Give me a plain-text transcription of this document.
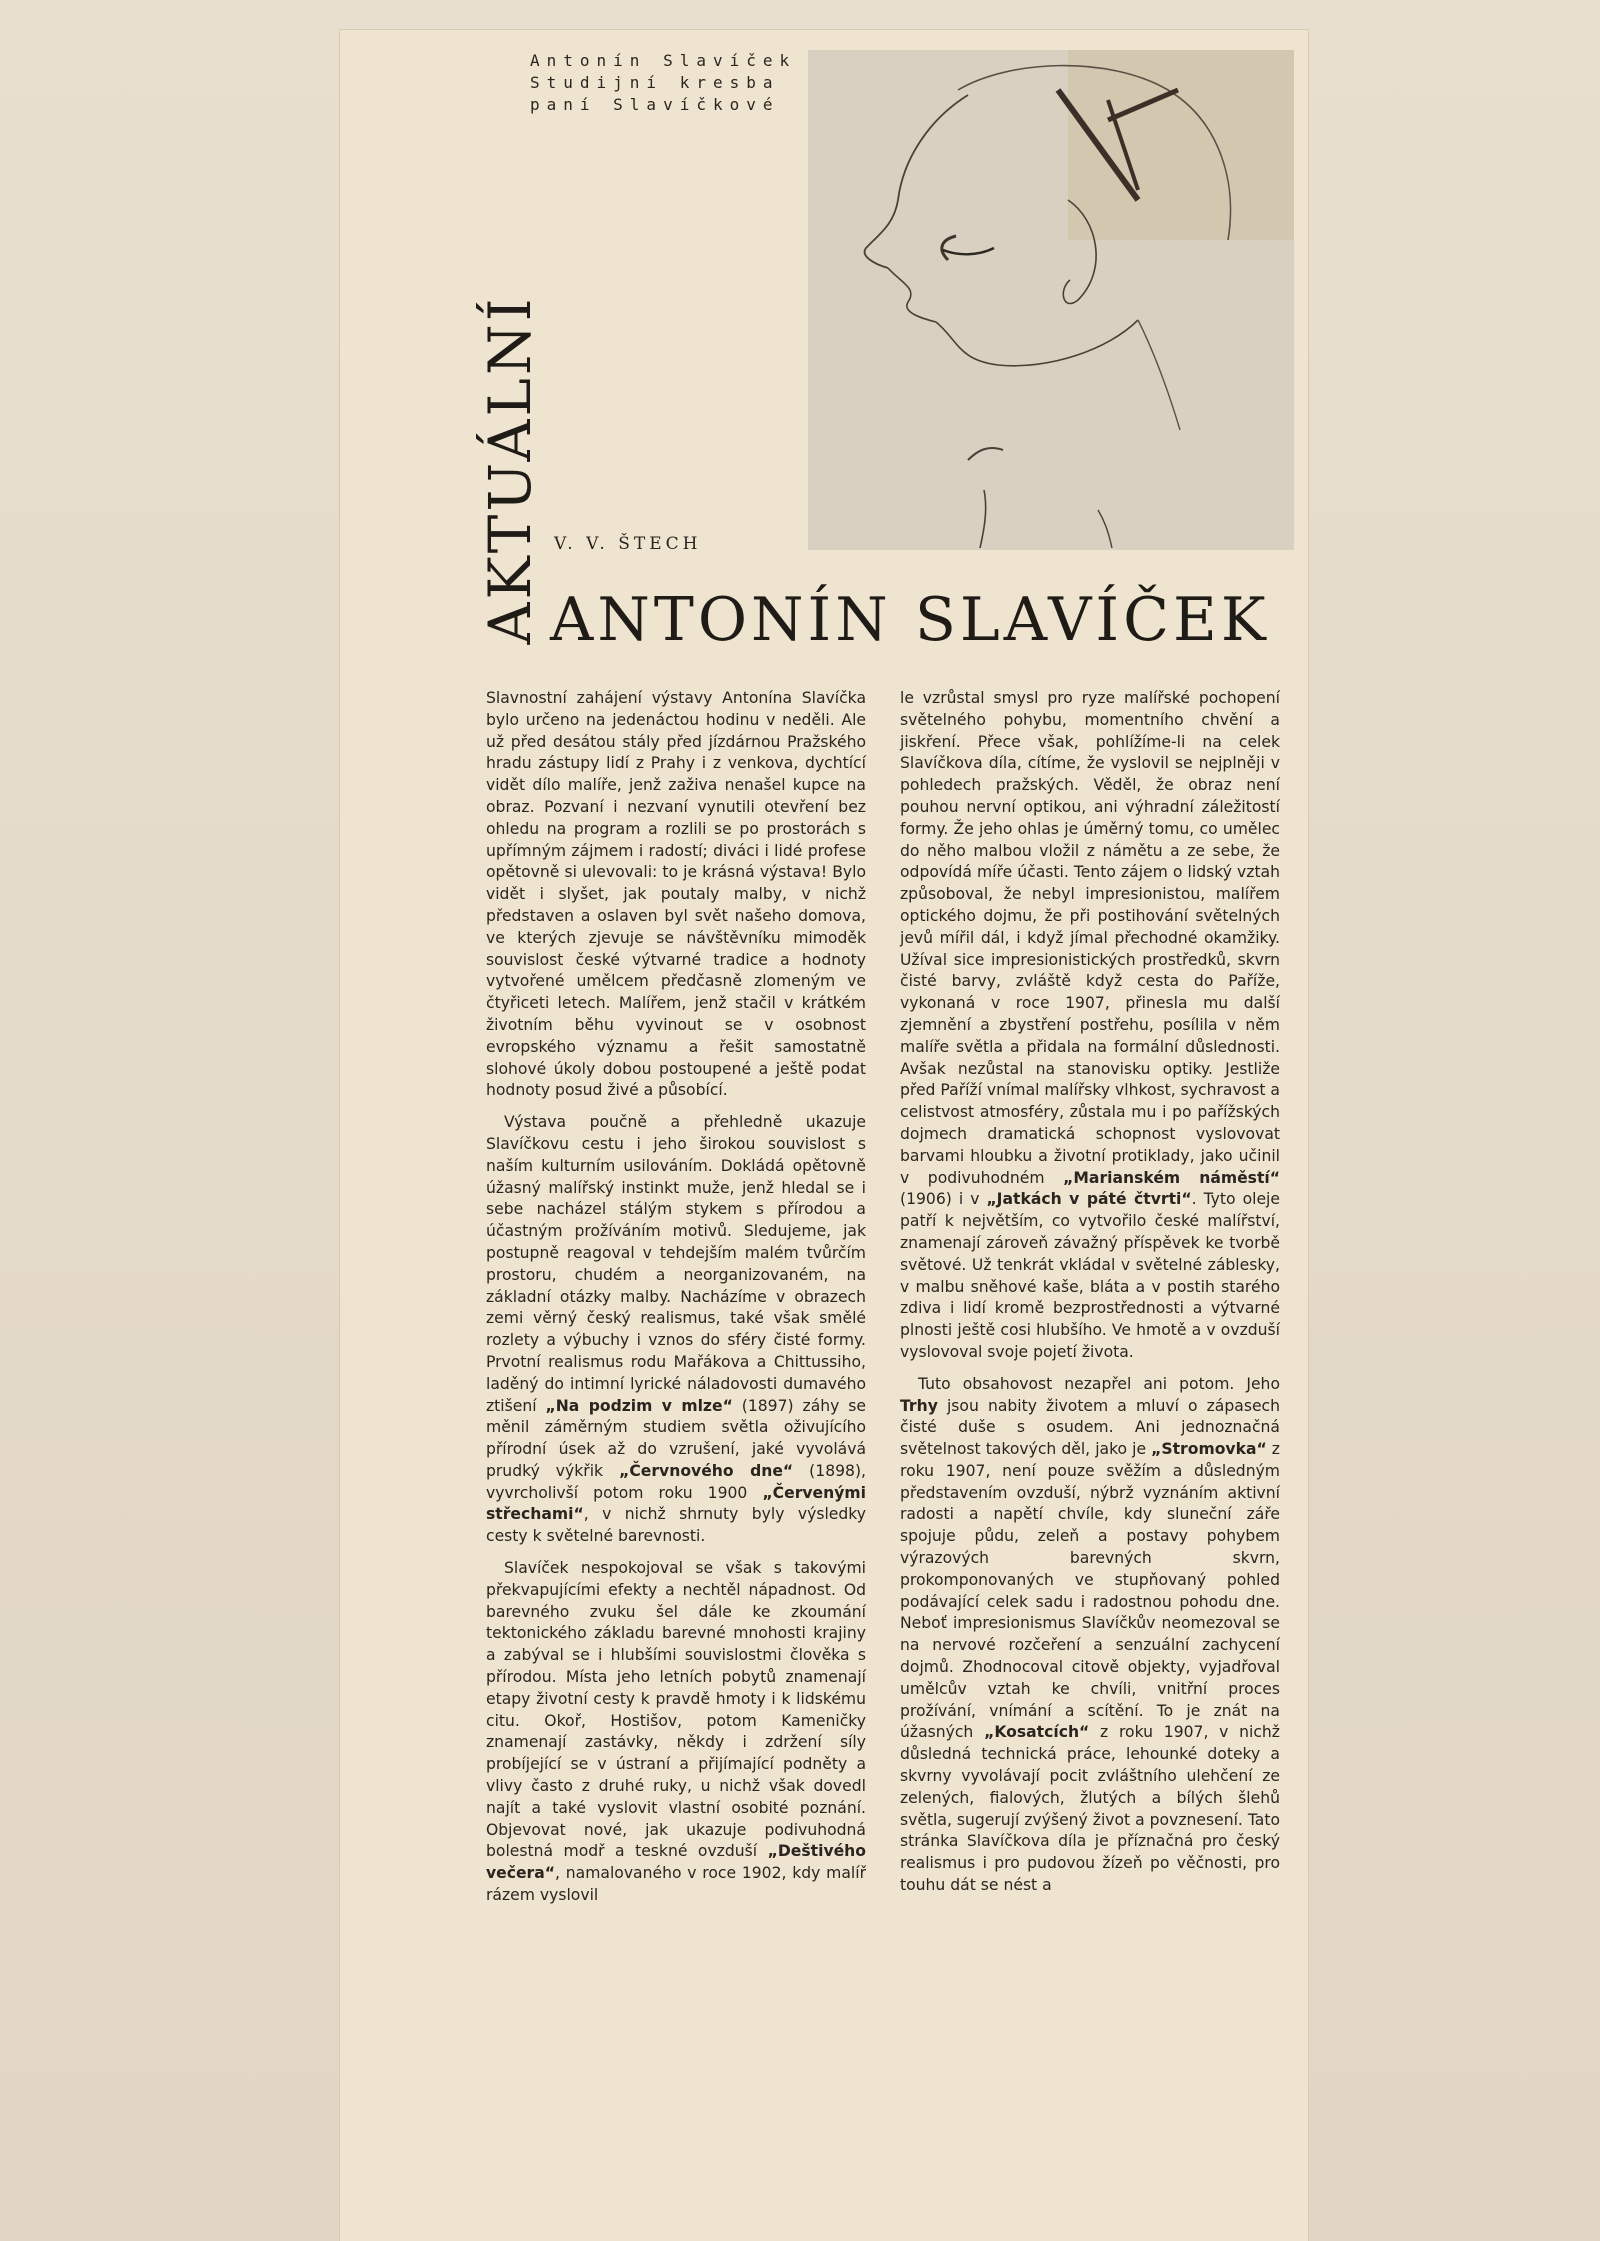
Antonín Slavíček
Studijní kresba
paní Slavíčkové
AKTUÁLNÍ V. V. ŠTECH
ANTONÍN SLAVÍČEK

Slavnostní zahájení výstavy Antonína Slavíčka bylo určeno na jedenáctou hodinu v neděli. Ale už před desátou stály před jízdárnou Pražského hradu zástupy lidí z Prahy i z venkova, dychtící vidět dílo malíře, jenž zaživa nenašel kupce na obraz. Pozvaní i nezvaní vynutili otevření bez ohledu na program a rozlili se po prostorách s upřímným zájmem i radostí; diváci i lidé profese opětovně si ulevovali: to je krásná výstava! Bylo vidět i slyšet, jak poutaly malby, v nichž představen a oslaven byl svět našeho domova, ve kterých zjevuje se návštěvníku mimoděk souvislost české výtvarné tradice a hodnoty vytvořené umělcem předčasně zlomeným ve čtyřiceti letech. Malířem, jenž stačil v krátkém životním běhu vyvinout se v osobnost evropského významu a řešit samostatně slohové úkoly dobou postoupené a ještě podat hodnoty posud živé a působící.

Výstava poučně a přehledně ukazuje Slavíčkovu cestu i jeho širokou souvislost s naším kulturním usilováním. Dokládá opětovně úžasný malířský instinkt muže, jenž hledal se i sebe nacházel stálým stykem s přírodou a účastným prožíváním motivů. Sledujeme, jak postupně reagoval v tehdejším malém tvůrčím prostoru, chudém a neorganizovaném, na základní otázky malby. Nacházíme v obrazech zemi věrný český realismus, také však smělé rozlety a výbuchy i vznos do sféry čisté formy. Prvotní realismus rodu Mařákova a Chittussiho, laděný do intimní lyrické náladovosti dumavého ztišení „Na podzim v mlze“ (1897) záhy se měnil záměrným studiem světla oživujícího přírodní úsek až do vzrušení, jaké vyvolává prudký výkřik „Červnového dne“ (1898), vyvrcholivší potom roku 1900 „Červenými střechami“, v nichž shrnuty byly výsledky cesty k světelné barevnosti.

Slavíček nespokojoval se však s takovými překvapujícími efekty a nechtěl nápadnost. Od barevného zvuku šel dále ke zkoumání tektonického základu barevné mnohosti krajiny a zabýval se i hlubšími souvislostmi člověka s přírodou. Místa jeho letních pobytů znamenají etapy životní cesty k pravdě hmoty i k lidskému citu. Okoř, Hostišov, potom Kameničky znamenají zastávky, někdy i zdržení síly probíjející se v ústraní a přijímající podněty a vlivy často z druhé ruky, u nichž však dovedl najít a také vyslovit vlastní osobité poznání. Objevovat nové, jak ukazuje podivuhodná bolestná modř a teskné ovzduší „Deštivého večera“, namalovaného v roce 1902, kdy malíř rázem vyslovil

le vzrůstal smysl pro ryze malířské pochopení světelného pohybu, momentního chvění a jiskření. Přece však, pohlížíme-li na celek Slavíčkova díla, cítíme, že vyslovil se nejplněji v pohledech pražských. Věděl, že obraz není pouhou nervní optikou, ani výhradní záležitostí formy. Že jeho ohlas je úměrný tomu, co umělec do něho malbou vložil z námětu a ze sebe, že odpovídá míře účasti. Tento zájem o lidský vztah způsoboval, že nebyl impresionistou, malířem optického dojmu, že při postihování světelných jevů mířil dál, i když jímal přechodné okamžiky. Užíval sice impresionistických prostředků, skvrn čisté barvy, zvláště když cesta do Paříže, vykonaná v roce 1907, přinesla mu další zjemnění a zbystření postřehu, posílila v něm malíře světla a přidala na formální důslednosti. Avšak nezůstal na stanovisku optiky. Jestliže před Paříží vnímal malířsky vlhkost, sychravost a celistvost atmosféry, zůstala mu i po pařížských dojmech dramatická schopnost vyslovovat barvami hloubku a životní protiklady, jako učinil v podivuhodném „Marianském náměstí“ (1906) i v „Jatkách v páté čtvrti“. Tyto oleje patří k největším, co vytvořilo české malířství, znamenají zároveň závažný příspěvek ke tvorbě světové. Už tenkrát vkládal v světelné záblesky, v malbu sněhové kaše, bláta a v postih starého zdiva i lidí kromě bezprostřednosti a výtvarné plnosti ještě cosi hlubšího. Ve hmotě a v ovzduší vyslovoval svoje pojetí života.

Tuto obsahovost nezapřel ani potom. Jeho Trhy jsou nabity životem a mluví o zápasech čisté duše s osudem. Ani jednoznačná světelnost takových děl, jako je „Stromovka“ z roku 1907, není pouze svěžím a důsledným představením ovzduší, nýbrž vyznáním aktivní radosti a napětí chvíle, kdy sluneční záře spojuje půdu, zeleň a postavy pohybem výrazových barevných skvrn, prokomponovaných ve stupňovaný pohled podávající celek sadu i radostnou pohodu dne. Neboť impresionismus Slavíčkův neomezoval se na nervové rozčeření a senzuální zachycení dojmů. Zhodnocoval citově objekty, vyjadřoval umělcův vztah ke chvíli, vnitřní proces prožívání, vnímání a scítění. To je znát na úžasných „Kosatcích“ z roku 1907, v nichž důsledná technická práce, lehounké doteky a skvrny vyvolávají pocit zvláštního ulehčení ze zelených, fialových, žlutých a bílých šlehů světla, sugerují zvýšený život a povznesení. Tato stránka Slavíčkova díla je příznačná pro český realismus i pro pudovou žízeň po věčnosti, pro touhu dát se nést a
